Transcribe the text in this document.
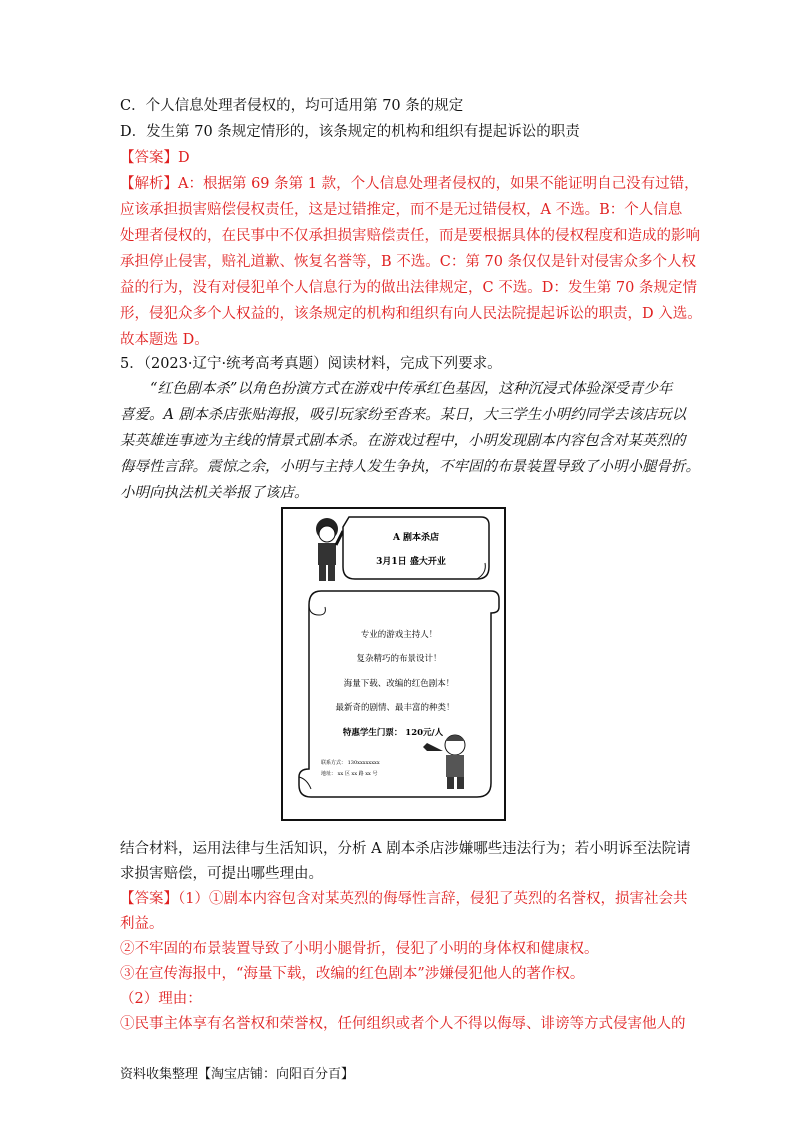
C．个人信息处理者侵权的，均可适用第 70 条的规定
D．发生第 70 条规定情形的，该条规定的机构和组织有提起诉讼的职责
【答案】D
【解析】A：根据第 69 条第 1 款，个人信息处理者侵权的，如果不能证明自己没有过错，
应该承担损害赔偿侵权责任，这是过错推定，而不是无过错侵权，A 不选。B：个人信息
处理者侵权的，在民事中不仅承担损害赔偿责任，而是要根据具体的侵权程度和造成的影响
承担停止侵害，赔礼道歉、恢复名誉等，B 不选。C：第 70 条仅仅是针对侵害众多个人权
益的行为，没有对侵犯单个人信息行为的做出法律规定，C 不选。D：发生第 70 条规定情
形，侵犯众多个人权益的，该条规定的机构和组织有向人民法院提起诉讼的职责，D 入选。
故本题选 D。
5．（2023·辽宁·统考高考真题）阅读材料，完成下列要求。
“红色剧本杀”以角色扮演方式在游戏中传承红色基因，这种沉浸式体验深受青少年
喜爱。A 剧本杀店张贴海报，吸引玩家纷至沓来。某日，大三学生小明约同学去该店玩以
某英雄连事迹为主线的情景式剧本杀。在游戏过程中，小明发现剧本内容包含对某英烈的
侮辱性言辞。震惊之余，小明与主持人发生争执，不牢固的布景装置导致了小明小腿骨折。
小明向执法机关举报了该店。
A 剧本杀店
3月1日 盛大开业
专业的游戏主持人！
复杂精巧的布景设计！
海量下载、改编的红色剧本！
最新奇的剧情、最丰富的种类！
特惠学生门票： 120元/人
联系方式： 130xxxxxxxx
地址： xx 区 xx 路 xx 号
结合材料，运用法律与生活知识，分析 A 剧本杀店涉嫌哪些违法行为；若小明诉至法院请
求损害赔偿，可提出哪些理由。
【答案】（1）①剧本内容包含对某英烈的侮辱性言辞，侵犯了英烈的名誉权，损害社会共
利益。
②不牢固的布景装置导致了小明小腿骨折，侵犯了小明的身体权和健康权。
③在宣传海报中，“海量下载，改编的红色剧本”涉嫌侵犯他人的著作权。
（2）理由：
①民事主体享有名誉权和荣誉权，任何组织或者个人不得以侮辱、诽谤等方式侵害他人的
资料收集整理【淘宝店铺：向阳百分百】
